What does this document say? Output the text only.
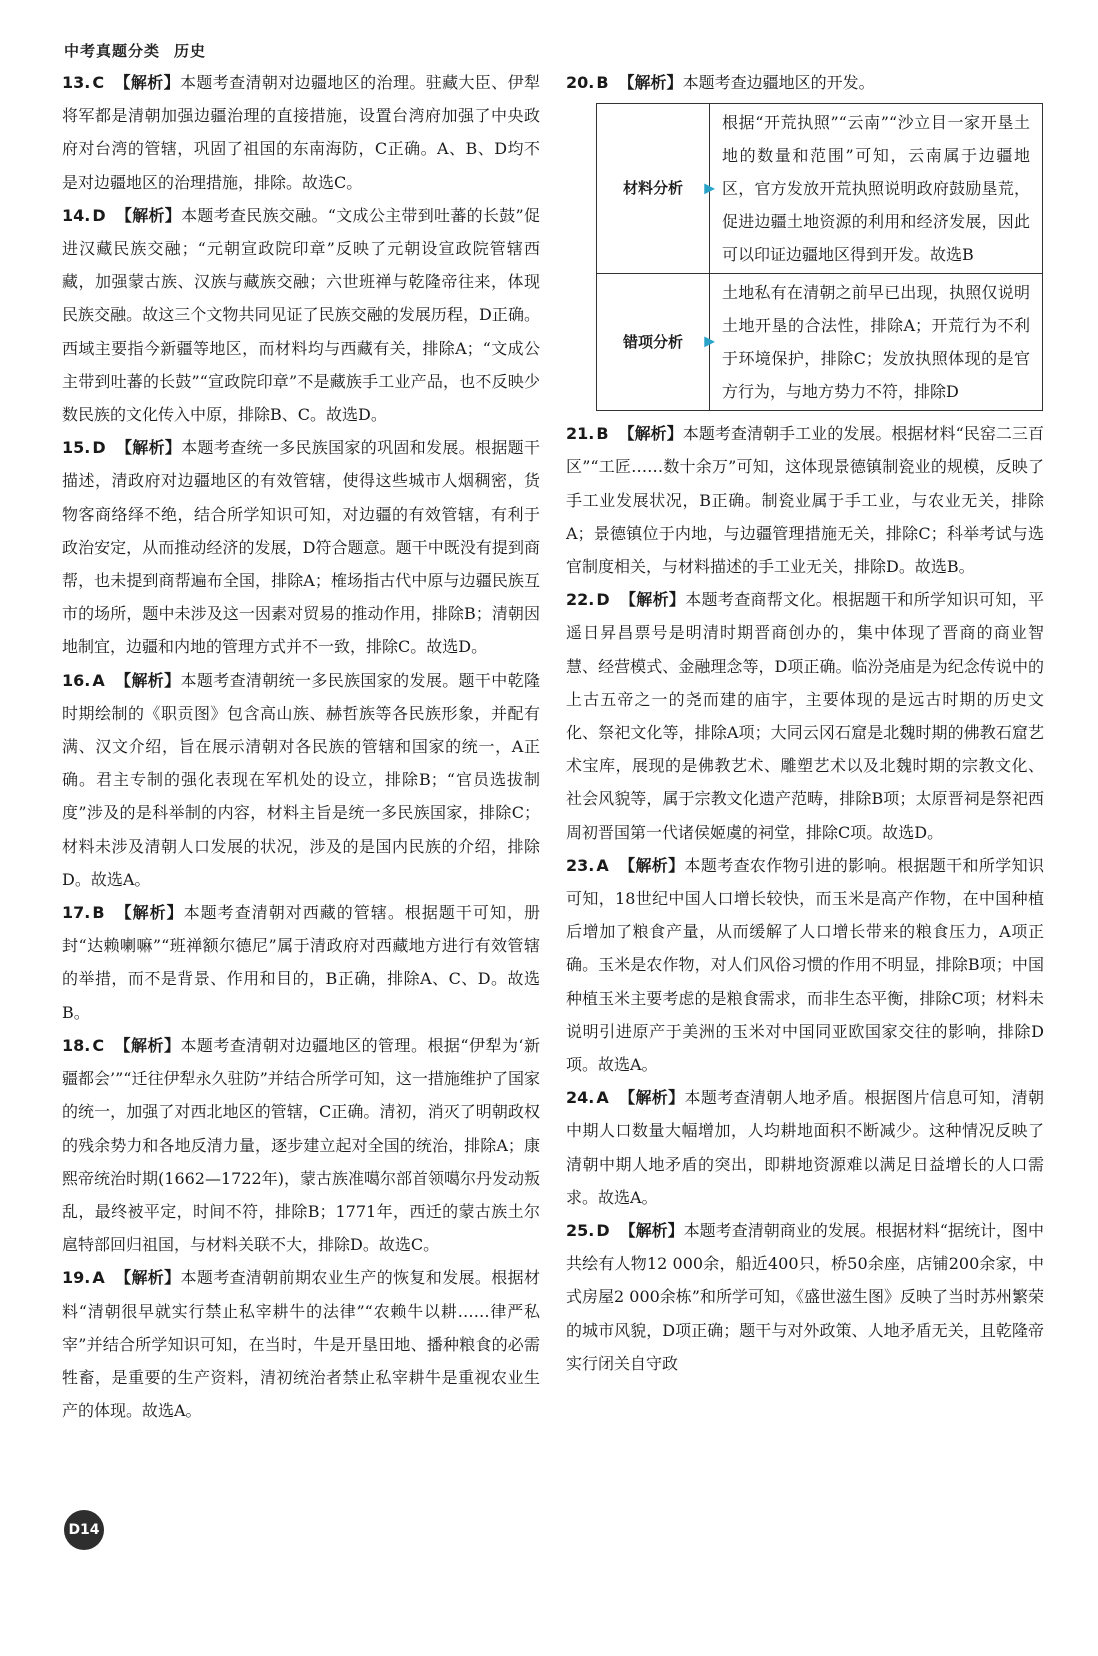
中考真题分类 历史

13. C 【解析】本题考查清朝对边疆地区的治理。驻藏大臣、伊犁将军都是清朝加强边疆治理的直接措施，设置台湾府加强了中央政府对台湾的管辖，巩固了祖国的东南海防，C正确。A、B、D均不是对边疆地区的治理措施，排除。故选C。

14. D 【解析】本题考查民族交融。“文成公主带到吐蕃的长鼓”促进汉藏民族交融；“元朝宣政院印章”反映了元朝设宣政院管辖西藏，加强蒙古族、汉族与藏族交融；六世班禅与乾隆帝往来，体现民族交融。故这三个文物共同见证了民族交融的发展历程，D正确。西域主要指今新疆等地区，而材料均与西藏有关，排除A；“文成公主带到吐蕃的长鼓”“宣政院印章”不是藏族手工业产品，也不反映少数民族的文化传入中原，排除B、C。故选D。

15. D 【解析】本题考查统一多民族国家的巩固和发展。根据题干描述，清政府对边疆地区的有效管辖，使得这些城市人烟稠密，货物客商络绎不绝，结合所学知识可知，对边疆的有效管辖，有利于政治安定，从而推动经济的发展，D符合题意。题干中既没有提到商帮，也未提到商帮遍布全国，排除A；榷场指古代中原与边疆民族互市的场所，题中未涉及这一因素对贸易的推动作用，排除B；清朝因地制宜，边疆和内地的管理方式并不一致，排除C。故选D。

16. A 【解析】本题考查清朝统一多民族国家的发展。题干中乾隆时期绘制的《职贡图》包含高山族、赫哲族等各民族形象，并配有满、汉文介绍，旨在展示清朝对各民族的管辖和国家的统一，A正确。君主专制的强化表现在军机处的设立，排除B；“官员选拔制度”涉及的是科举制的内容，材料主旨是统一多民族国家，排除C；材料未涉及清朝人口发展的状况，涉及的是国内民族的介绍，排除D。故选A。

17. B 【解析】本题考查清朝对西藏的管辖。根据题干可知，册封“达赖喇嘛”“班禅额尔德尼”属于清政府对西藏地方进行有效管辖的举措，而不是背景、作用和目的，B正确，排除A、C、D。故选B。

18. C 【解析】本题考查清朝对边疆地区的管理。根据“伊犁为‘新疆都会’”“迁往伊犁永久驻防”并结合所学可知，这一措施维护了国家的统一，加强了对西北地区的管辖，C正确。清初，消灭了明朝政权的残余势力和各地反清力量，逐步建立起对全国的统治，排除A；康熙帝统治时期(1662—1722年)，蒙古族准噶尔部首领噶尔丹发动叛乱，最终被平定，时间不符，排除B；1771年，西迁的蒙古族土尔扈特部回归祖国，与材料关联不大，排除D。故选C。

19. A 【解析】本题考查清朝前期农业生产的恢复和发展。根据材料“清朝很早就实行禁止私宰耕牛的法律”“农赖牛以耕……律严私宰”并结合所学知识可知，在当时，牛是开垦田地、播种粮食的必需牲畜，是重要的生产资料，清初统治者禁止私宰耕牛是重视农业生产的体现。故选A。

20. B 【解析】本题考查边疆地区的开发。

材料分析 ▶	根据“开荒执照”“云南”“沙立目一家开垦土地的数量和范围”可知，云南属于边疆地区，官方发放开荒执照说明政府鼓励垦荒，促进边疆土地资源的利用和经济发展，因此可以印证边疆地区得到开发。故选B
错项分析 ▶	土地私有在清朝之前早已出现，执照仅说明土地开垦的合法性，排除A；开荒行为不利于环境保护，排除C；发放执照体现的是官方行为，与地方势力不符，排除D

21. B 【解析】本题考查清朝手工业的发展。根据材料“民窑二三百区”“工匠……数十余万”可知，这体现景德镇制瓷业的规模，反映了手工业发展状况，B正确。制瓷业属于手工业，与农业无关，排除A；景德镇位于内地，与边疆管理措施无关，排除C；科举考试与选官制度相关，与材料描述的手工业无关，排除D。故选B。

22. D 【解析】本题考查商帮文化。根据题干和所学知识可知，平遥日昇昌票号是明清时期晋商创办的，集中体现了晋商的商业智慧、经营模式、金融理念等，D项正确。临汾尧庙是为纪念传说中的上古五帝之一的尧而建的庙宇，主要体现的是远古时期的历史文化、祭祀文化等，排除A项；大同云冈石窟是北魏时期的佛教石窟艺术宝库，展现的是佛教艺术、雕塑艺术以及北魏时期的宗教文化、社会风貌等，属于宗教文化遗产范畴，排除B项；太原晋祠是祭祀西周初晋国第一代诸侯姬虞的祠堂，排除C项。故选D。

23. A 【解析】本题考查农作物引进的影响。根据题干和所学知识可知，18世纪中国人口增长较快，而玉米是高产作物，在中国种植后增加了粮食产量，从而缓解了人口增长带来的粮食压力，A项正确。玉米是农作物，对人们风俗习惯的作用不明显，排除B项；中国种植玉米主要考虑的是粮食需求，而非生态平衡，排除C项；材料未说明引进原产于美洲的玉米对中国同亚欧国家交往的影响，排除D项。故选A。

24. A 【解析】本题考查清朝人地矛盾。根据图片信息可知，清朝中期人口数量大幅增加，人均耕地面积不断减少。这种情况反映了清朝中期人地矛盾的突出，即耕地资源难以满足日益增长的人口需求。故选A。

25. D 【解析】本题考查清朝商业的发展。根据材料“据统计，图中共绘有人物12 000余，船近400只，桥50余座，店铺200余家，中式房屋2 000余栋”和所学可知，《盛世滋生图》反映了当时苏州繁荣的城市风貌，D项正确；题干与对外政策、人地矛盾无关，且乾隆帝实行闭关自守政

D14
